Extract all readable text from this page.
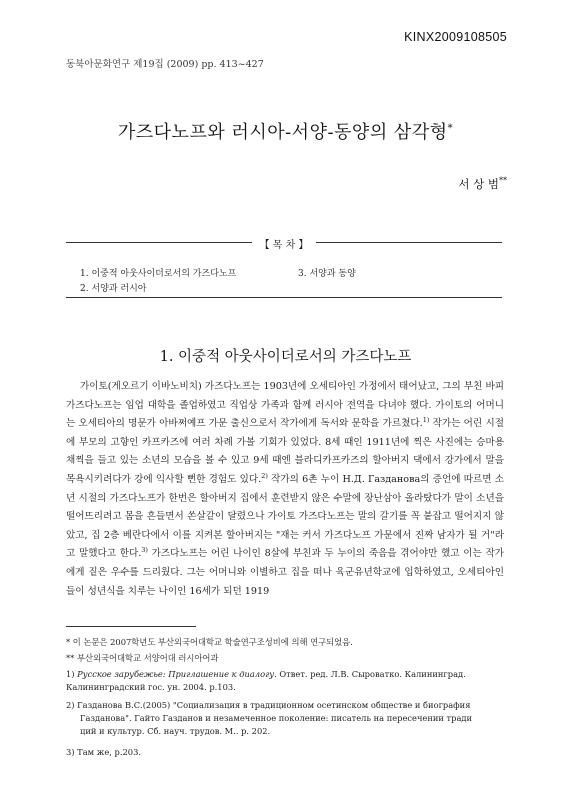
KINX2009108505
동북아문화연구 제19집 (2009) pp. 413~427
가즈다노프와 러시아-서양-동양의 삼각형*
서 상 범**
【 목 차 】
1. 이중적 아웃사이더로서의 가즈다노프
2. 서양과 러시아
3. 서양과 동양
1. 이중적 아웃사이더로서의 가즈다노프

가이토(게오르기 이바노비치) 가즈다노프는 1903년에 오세티아인 가정에서 태어났고, 그의 부친 바피 가즈다노프는 임업 대학을 졸업하였고 직업상 가족과 함께 러시아 전역을 다녀야 했다. 가이토의 어머니는 오세티아의 명문가 아바쩌예프 가문 출신으로서 작가에게 독서와 문학을 가르쳤다.$^{1)}$ 작가는 어린 시절에 부모의 고향인 카프카즈에 여러 차례 가볼 기회가 있었다. 8세 때인 1911년에 찍은 사진에는 승마용 채찍을 들고 있는 소년의 모습을 볼 수 있고 9세 때엔 블라디카프카즈의 할아버지 댁에서 강가에서 말을 목욕시키려다가 강에 익사할 뻔한 경험도 있다.$^{2)}$ 작가의 6촌 누이 Н.Д. Газданова의 증언에 따르면 소년 시절의 가즈다노프가 한번은 할아버지 집에서 훈련받지 않은 수말에 장난삼아 올라탔다가 말이 소년을 떨어뜨리려고 몸을 흔들면서 쏜살같이 달렸으나 가이토 가즈다노프는 말의 갈기를 꼭 붙잡고 떨어지지 않았고, 집 2층 베란다에서 이를 지켜본 할아버지는 "재는 커서 가즈다노프 가문에서 진짜 남자가 될 거"라고 말했다고 한다.$^{3)}$ 가즈다노프는 어린 나이인 8살에 부친과 두 누이의 죽음을 겪어야만 했고 이는 작가에게 짙은 우수를 드리웠다. 그는 어머니와 이별하고 집을 떠나 육군유년학교에 입학하였고, 오세티아인들이 성년식을 치루는 나이인 16세가 되던 1919

* 이 논문은 2007학년도 부산외국어대학교 학술연구조성비에 의해 연구되었음.
** 부산외국어대학교 서양어대 러시아어과
1) Русское зарубежье: Приглашение к диалогу. Ответ. ред. Л.В. Сыроватко. Калининград. Калининградский гос. ун. 2004. p.103.
2) Газданова В.С.(2005) "Социализация в традиционном осетинском обществе и биография
Газданова". Гайто Газданов и незамеченное поколение: писатель на пересечении тради
ций и культур. Сб. науч. трудов. М.. p. 202.
3) Там же, p.203.
